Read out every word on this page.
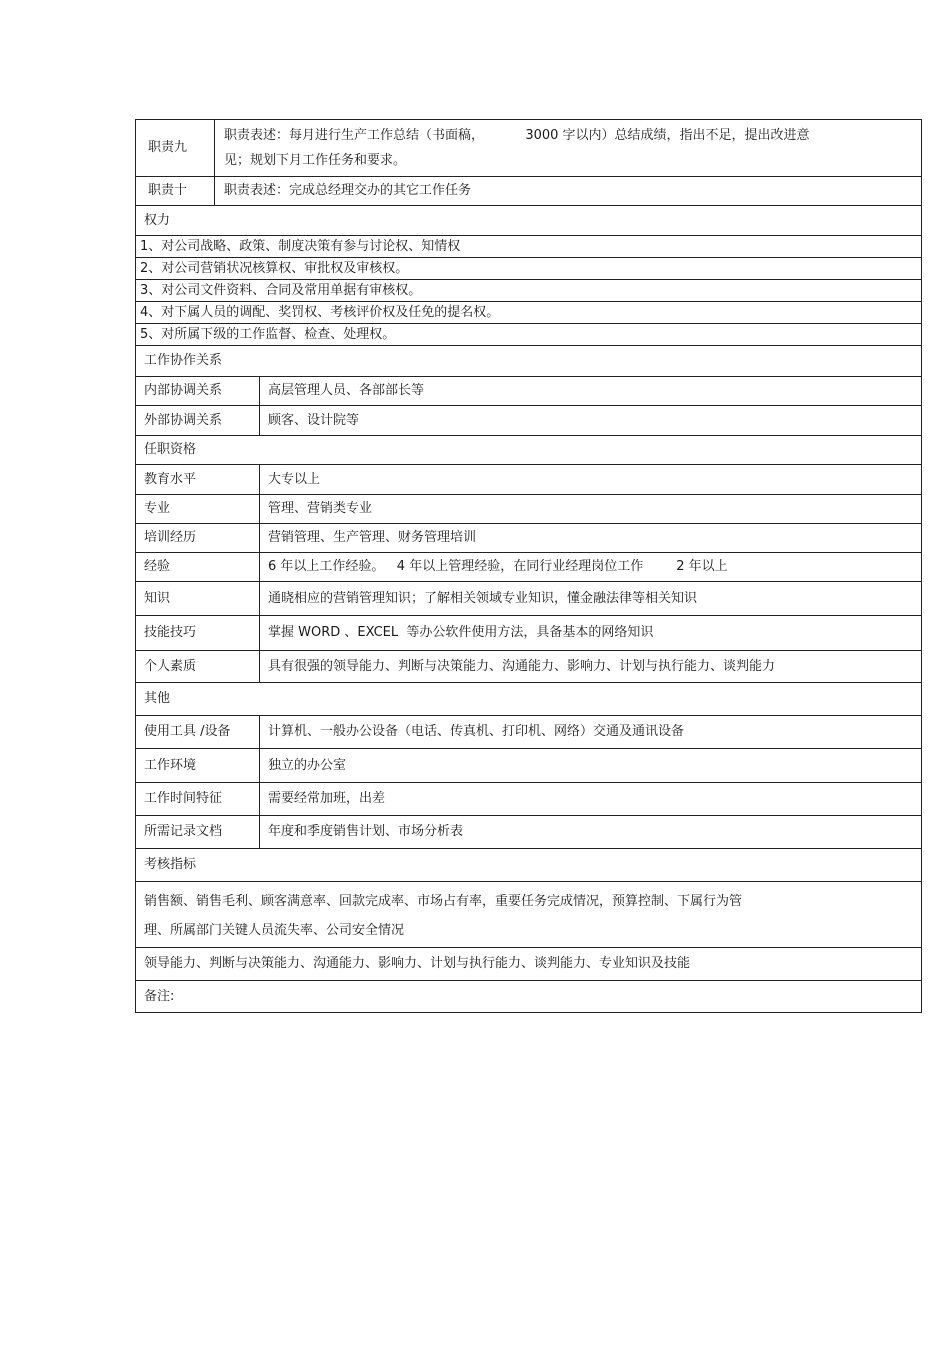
职责九	职责表述：每月进行生产工作总结（书面稿，          3000 字以内）总结成绩，指出不足，提出改进意
见；规划下月工作任务和要求。

职责十	职责表述：完成总经理交办的其它工作任务
权力	
1、对公司战略、政策、制度决策有参与讨论权、知情权	
2、对公司营销状况核算权、审批权及审核权。	
3、对公司文件资料、合同及常用单据有审核权。	
4、对下属人员的调配、奖罚权、考核评价权及任免的提名权。	
5、对所属下级的工作监督、检查、处理权。	
工作协作关系	
内部协调关系	高层管理人员、各部部长等
外部协调关系	顾客、设计院等
任职资格	
教育水平	大专以上
专业	管理、营销类专业
培训经历	营销管理、生产管理、财务管理培训
经验	6 年以上工作经验。   4 年以上管理经验，在同行业经理岗位工作        2 年以上
知识	通晓相应的营销管理知识；了解相关领域专业知识，懂金融法律等相关知识
技能技巧	掌握 WORD 、EXCEL  等办公软件使用方法，具备基本的网络知识
个人素质	具有很强的领导能力、判断与决策能力、沟通能力、影响力、计划与执行能力、谈判能力
其他	
使用工具 /设备	计算机、一般办公设备（电话、传真机、打印机、网络）交通及通讯设备
工作环境	独立的办公室
工作时间特征	需要经常加班，出差
所需记录文档	年度和季度销售计划、市场分析表
考核指标	

销售额、销售毛利、顾客满意率、回款完成率、市场占有率，重要任务完成情况，预算控制、下属行为管
理、所属部门关键人员流失率、公司安全情况	

领导能力、判断与决策能力、沟通能力、影响力、计划与执行能力、谈判能力、专业知识及技能	
备注:	
